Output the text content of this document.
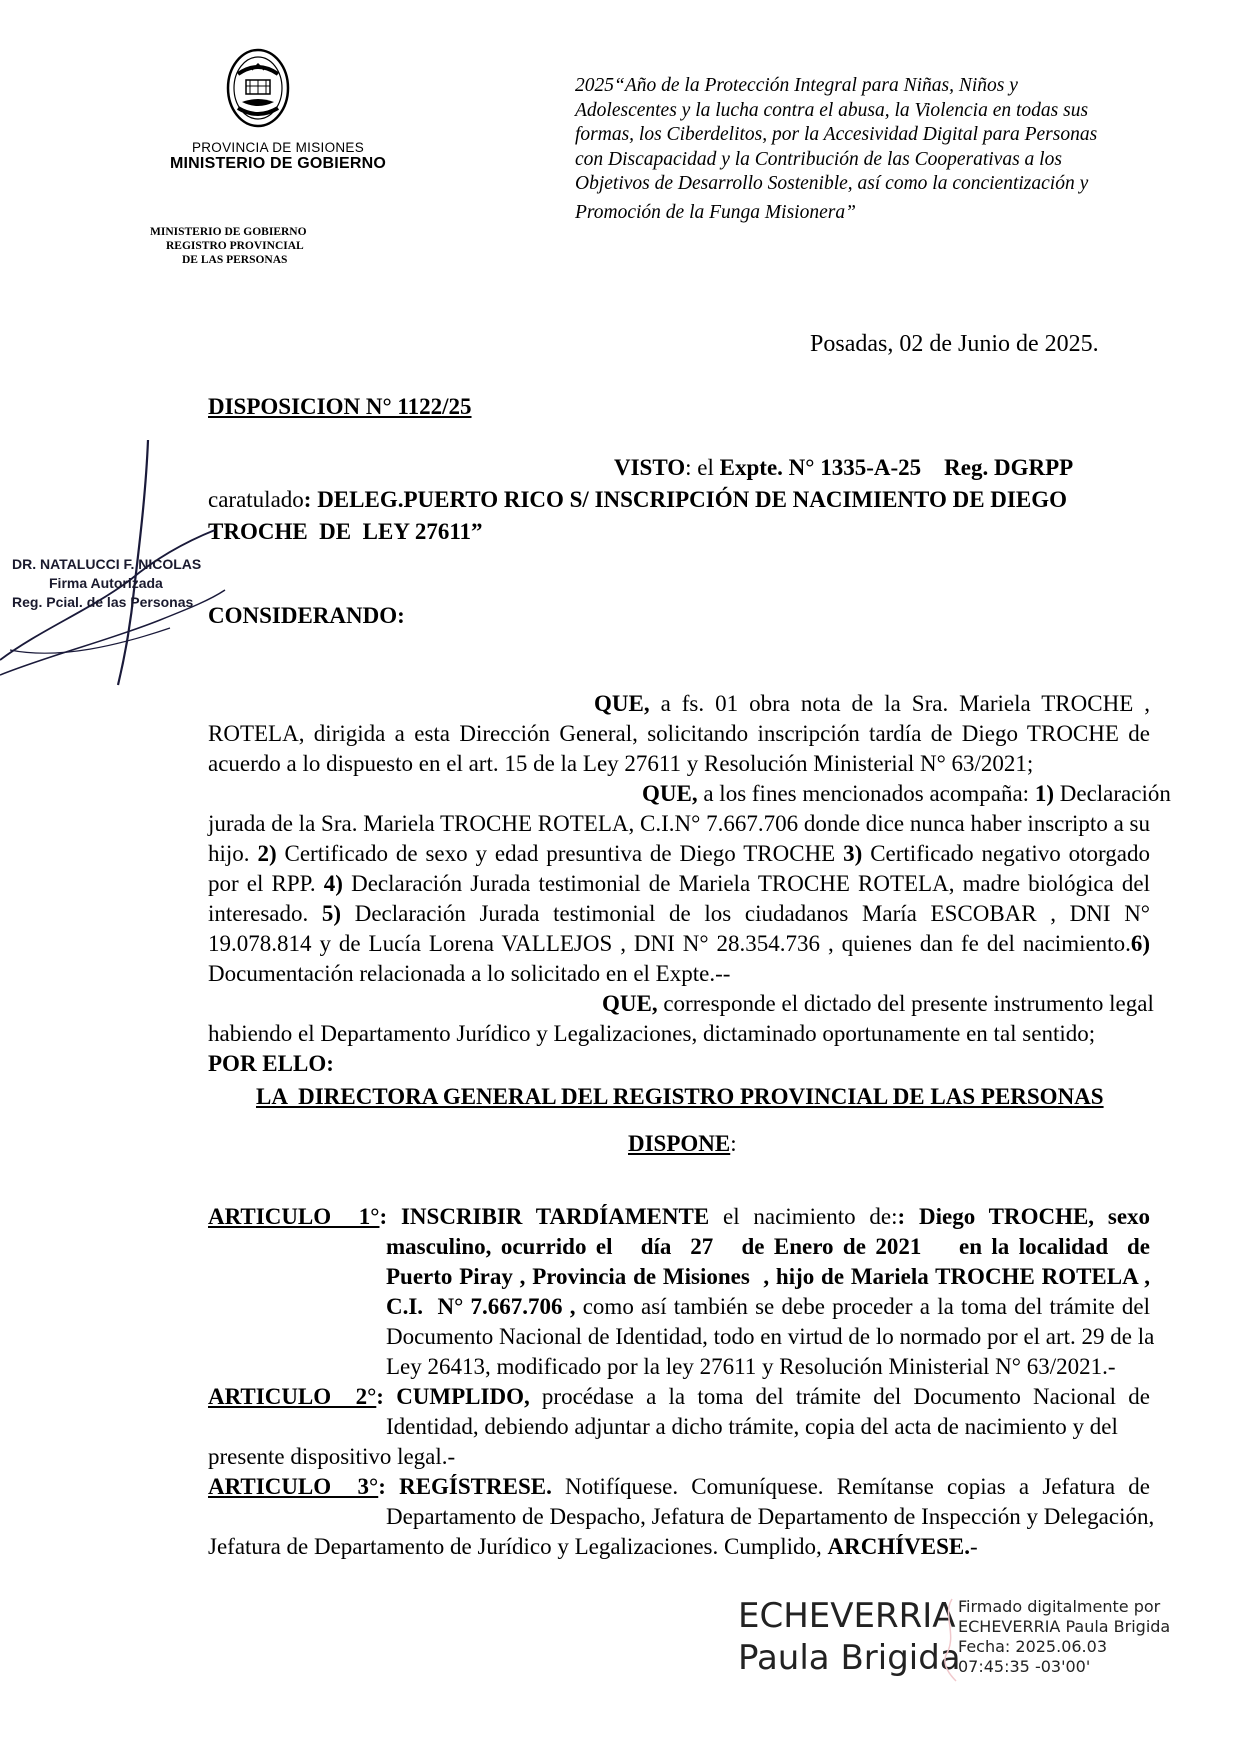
PROVINCIA DE MISIONES
MINISTERIO DE GOBIERNO
MINISTERIO DE GOBIERNO
REGISTRO PROVINCIAL
DE LAS PERSONAS
2025“Año de la Protección Integral para Niñas, Niños y
Adolescentes y la lucha contra el abusa, la Violencia en todas sus
formas, los Ciberdelitos, por la Accesividad Digital para Personas
con Discapacidad y la Contribución de las Cooperativas a los
Objetivos de Desarrollo Sostenible, así como la concientización y
Promoción de la Funga Misionera”
Posadas, 02 de Junio de 2025.
DISPOSICION N° 1122/25
VISTO: el Expte. N° 1335-A-25 Reg. DGRPP
caratulado: DELEG.PUERTO RICO S/ INSCRIPCIÓN DE NACIMIENTO DE DIEGO
TROCHE  DE  LEY 27611”
CONSIDERANDO:
QUE, a fs. 01 obra nota de la Sra. Mariela TROCHE ,
ROTELA, dirigida a esta Dirección General, solicitando inscripción tardía de Diego TROCHE de
acuerdo a lo dispuesto en el art. 15 de la Ley 27611 y Resolución Ministerial N° 63/2021;
QUE, a los fines mencionados acompaña: 1) Declaración
jurada de la Sra. Mariela TROCHE ROTELA, C.I.N° 7.667.706 donde dice nunca haber inscripto a su
hijo. 2) Certificado de sexo y edad presuntiva de Diego TROCHE 3) Certificado negativo otorgado
por el RPP. 4) Declaración Jurada testimonial de Mariela TROCHE ROTELA, madre biológica del
interesado. 5) Declaración Jurada testimonial de los ciudadanos María ESCOBAR , DNI N°
19.078.814 y de Lucía Lorena VALLEJOS , DNI N° 28.354.736 , quienes dan fe del nacimiento.6)
Documentación relacionada a lo solicitado en el Expte.--
QUE, corresponde el dictado del presente instrumento legal
habiendo el Departamento Jurídico y Legalizaciones, dictaminado oportunamente en tal sentido;
POR ELLO:
LA  DIRECTORA GENERAL DEL REGISTRO PROVINCIAL DE LAS PERSONAS
DISPONE:
ARTICULO  1°: INSCRIBIR TARDÍAMENTE el nacimiento de:: Diego TROCHE, sexo
masculino, ocurrido el   día  27   de Enero de 2021    en la localidad  de
Puerto Piray , Provincia de Misiones  , hijo de Mariela TROCHE ROTELA ,
C.I.  N° 7.667.706 , como así también se debe proceder a la toma del trámite del
Documento Nacional de Identidad, todo en virtud de lo normado por el art. 29 de la
Ley 26413, modificado por la ley 27611 y Resolución Ministerial N° 63/2021.-
ARTICULO  2°: CUMPLIDO, procédase a la toma del trámite del Documento Nacional de
Identidad, debiendo adjuntar a dicho trámite, copia del acta de nacimiento y del
presente dispositivo legal.-
ARTICULO  3°: REGÍSTRESE. Notifíquese. Comuníquese. Remítanse copias a Jefatura de
Departamento de Despacho, Jefatura de Departamento de Inspección y Delegación,
Jefatura de Departamento de Jurídico y Legalizaciones. Cumplido, ARCHÍVESE.-
DR. NATALUCCI F. NICOLAS
Firma Autorizada
Reg. Pcial. de las Personas
ECHEVERRIA
Paula Brigida
Firmado digitalmente por
ECHEVERRIA Paula Brigida
Fecha: 2025.06.03
07:45:35 -03'00'
